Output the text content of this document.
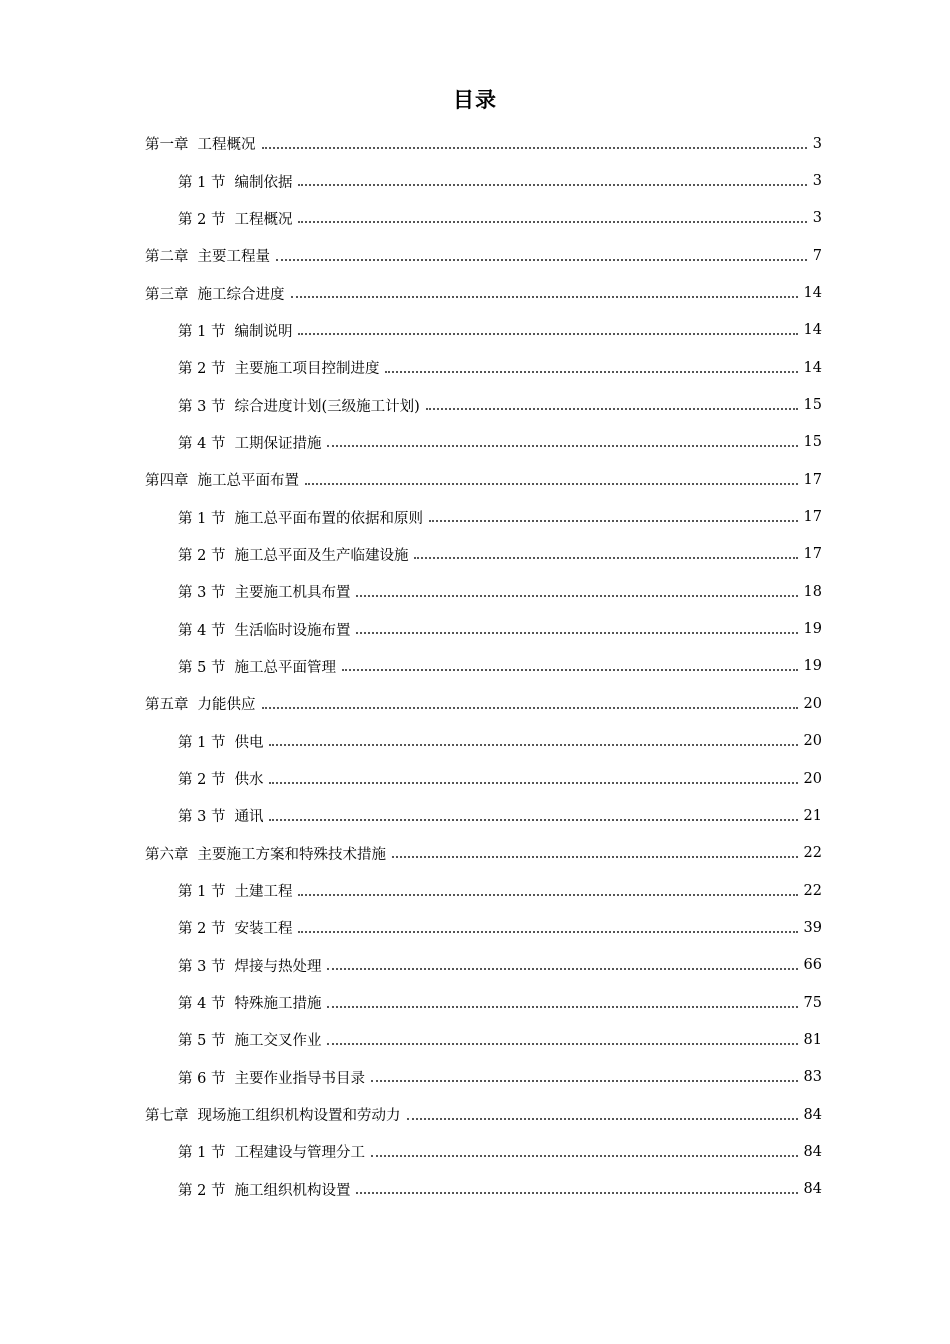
目录
第一章 工程概况	3
第 1 节 编制依据	3
第 2 节 工程概况	3
第二章 主要工程量	7
第三章 施工综合进度	14
第 1 节 编制说明	14
第 2 节 主要施工项目控制进度	14
第 3 节 综合进度计划(三级施工计划)	15
第 4 节 工期保证措施	15
第四章 施工总平面布置	17
第 1 节 施工总平面布置的依据和原则	17
第 2 节 施工总平面及生产临建设施	17
第 3 节 主要施工机具布置	18
第 4 节 生活临时设施布置	19
第 5 节 施工总平面管理	19
第五章 力能供应	20
第 1 节 供电	20
第 2 节 供水	20
第 3 节 通讯	21
第六章 主要施工方案和特殊技术措施	22
第 1 节 土建工程	22
第 2 节 安装工程	39
第 3 节 焊接与热处理	66
第 4 节 特殊施工措施	75
第 5 节 施工交叉作业	81
第 6 节 主要作业指导书目录	83
第七章 现场施工组织机构设置和劳动力	84
第 1 节 工程建设与管理分工	84
第 2 节 施工组织机构设置	84
